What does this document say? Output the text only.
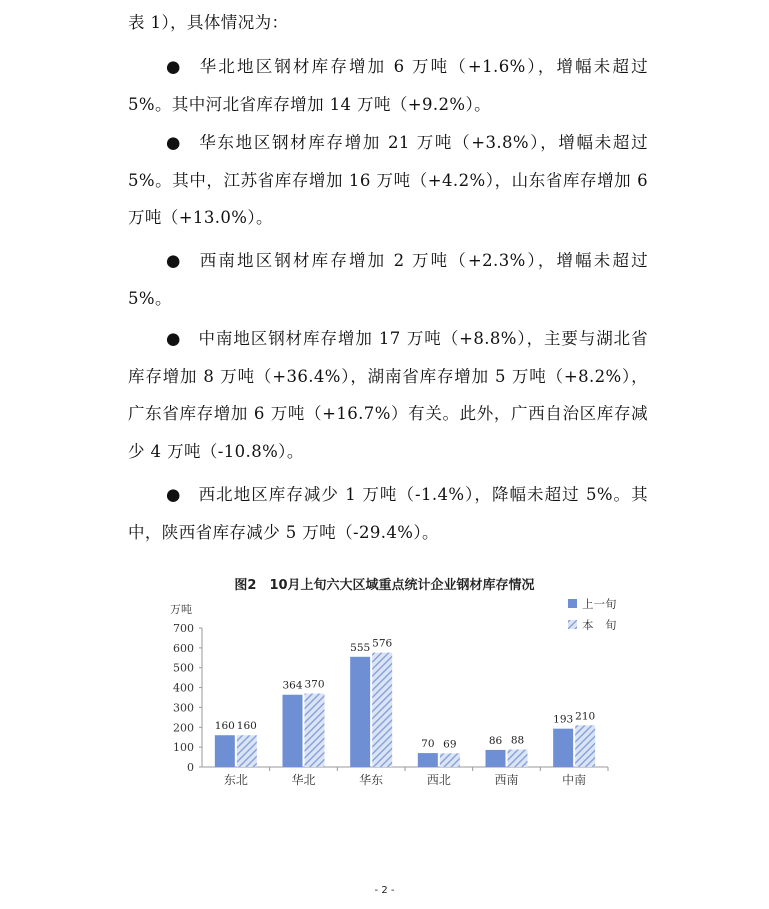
表 1），具体情况为：

● 华北地区钢材库存增加 6 万吨（+1.6%），增幅未超过 5%。其中河北省库存增加 14 万吨（+9.2%）。

● 华东地区钢材库存增加 21 万吨（+3.8%），增幅未超过 5%。其中，江苏省库存增加 16 万吨（+4.2%），山东省库存增加 6 万吨（+13.0%）。

● 西南地区钢材库存增加 2 万吨（+2.3%），增幅未超过 5%。

● 中南地区钢材库存增加 17 万吨（+8.8%），主要与湖北省库存增加 8 万吨（+36.4%），湖南省库存增加 5 万吨（+8.2%），广东省库存增加 6 万吨（+16.7%）有关。此外，广西自治区库存减少 4 万吨（-10.8%）。

● 西北地区库存减少 1 万吨（-1.4%），降幅未超过 5%。其中，陕西省库存减少 5 万吨（-29.4%）。

图2　10月上旬六大区域重点统计企业钢材库存情况
万吨
0
100
200
300
400
500
600
700
160 160
东北
364 370
华北
555 576
华东
70 69
西北
86 88
西南
193 210
中南
上一旬
本　旬
- 2 -
